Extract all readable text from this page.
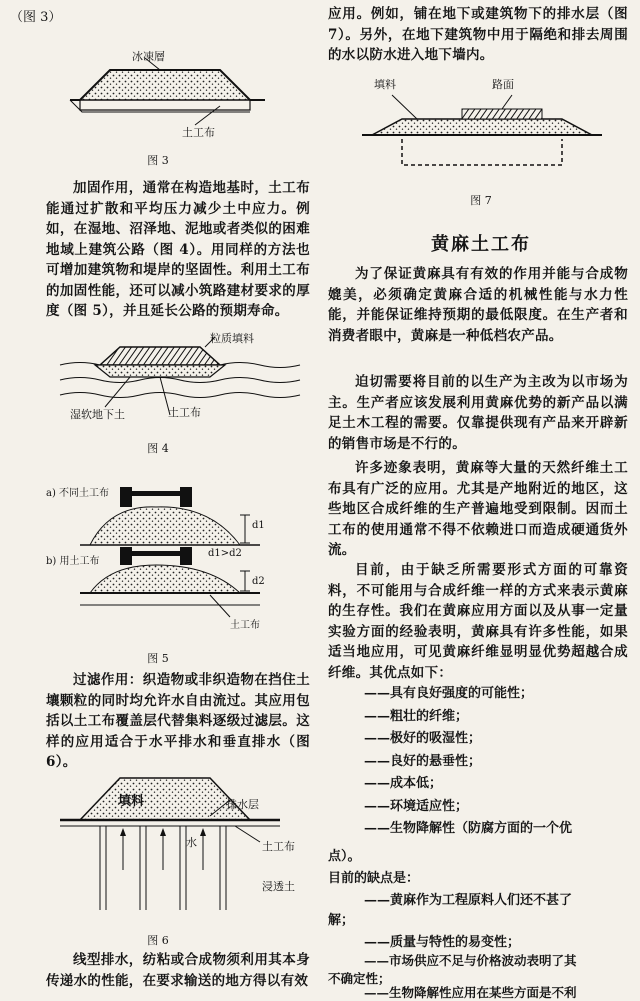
（图 3）
冰凍層
土工布
图 3

加固作用，通常在构造地基时，土工布能通过扩散和平均压力减少土中应力。例如，在湿地、沼泽地、泥地或者类似的困难地域上建筑公路（图 4）。用同样的方法也可增加建筑物和堤岸的坚固性。利用土工布的加固性能，还可以减小筑路建材要求的厚度（图 5），并且延长公路的预期寿命。

粒质填料
湿软地下土	土工布
图 4
a) 不同土工布
b) 用土工布
d1
d2
d1>d2
土工布
图 5

过滤作用：织造物或非织造物在挡住土壤颗粒的同时均允许水自由流过。其应用包括以土工布覆盖层代替集料逐级过滤层。这样的应用适合于水平排水和垂直排水（图 6）。

填料	排水层
水	土工布
浸透土
图 6

线型排水，纺粘或合成物须利用其本身传递水的性能，在要求输送的地方得以有效

应用。例如，铺在地下或建筑物下的排水层（图 7）。另外，在地下建筑物中用于隔绝和排去周围的水以防水进入地下墙内。

填料	路面
图 7
黄麻土工布

为了保证黄麻具有有效的作用并能与合成物媲美，必须确定黄麻合适的机械性能与水力性能，并能保证维持预期的最低限度。在生产者和消费者眼中，黄麻是一种低档农产品。

迫切需要将目前的以生产为主改为以市场为主。生产者应该发展利用黄麻优势的新产品以满足土木工程的需要。仅靠提供现有产品来开辟新的销售市场是不行的。

许多迹象表明，黄麻等大量的天然纤维土工布具有广泛的应用。尤其是产地附近的地区，这些地区合成纤维的生产普遍地受到限制。因而土工布的使用通常不得不依赖进口而造成硬通货外流。

目前，由于缺乏所需要形式方面的可靠资料，不可能用与合成纤维一样的方式来表示黄麻的生存性。我们在黄麻应用方面以及从事一定量实验方面的经验表明，黄麻具有许多性能，如果适当地应用，可见黄麻纤维显明显优势超越合成纤维。其优点如下：

——具有良好强度的可能性；
——粗壮的纤维；
——极好的吸湿性；
——良好的悬垂性；
——成本低；
——环境适应性；
——生物降解性（防腐方面的一个优
点）。
目前的缺点是：
——黄麻作为工程原料人们还不甚了
解；
——质量与特性的易变性；
——市场供应不足与价格波动表明了其
不确定性；
——生物降解性应用在某些方面是不利
